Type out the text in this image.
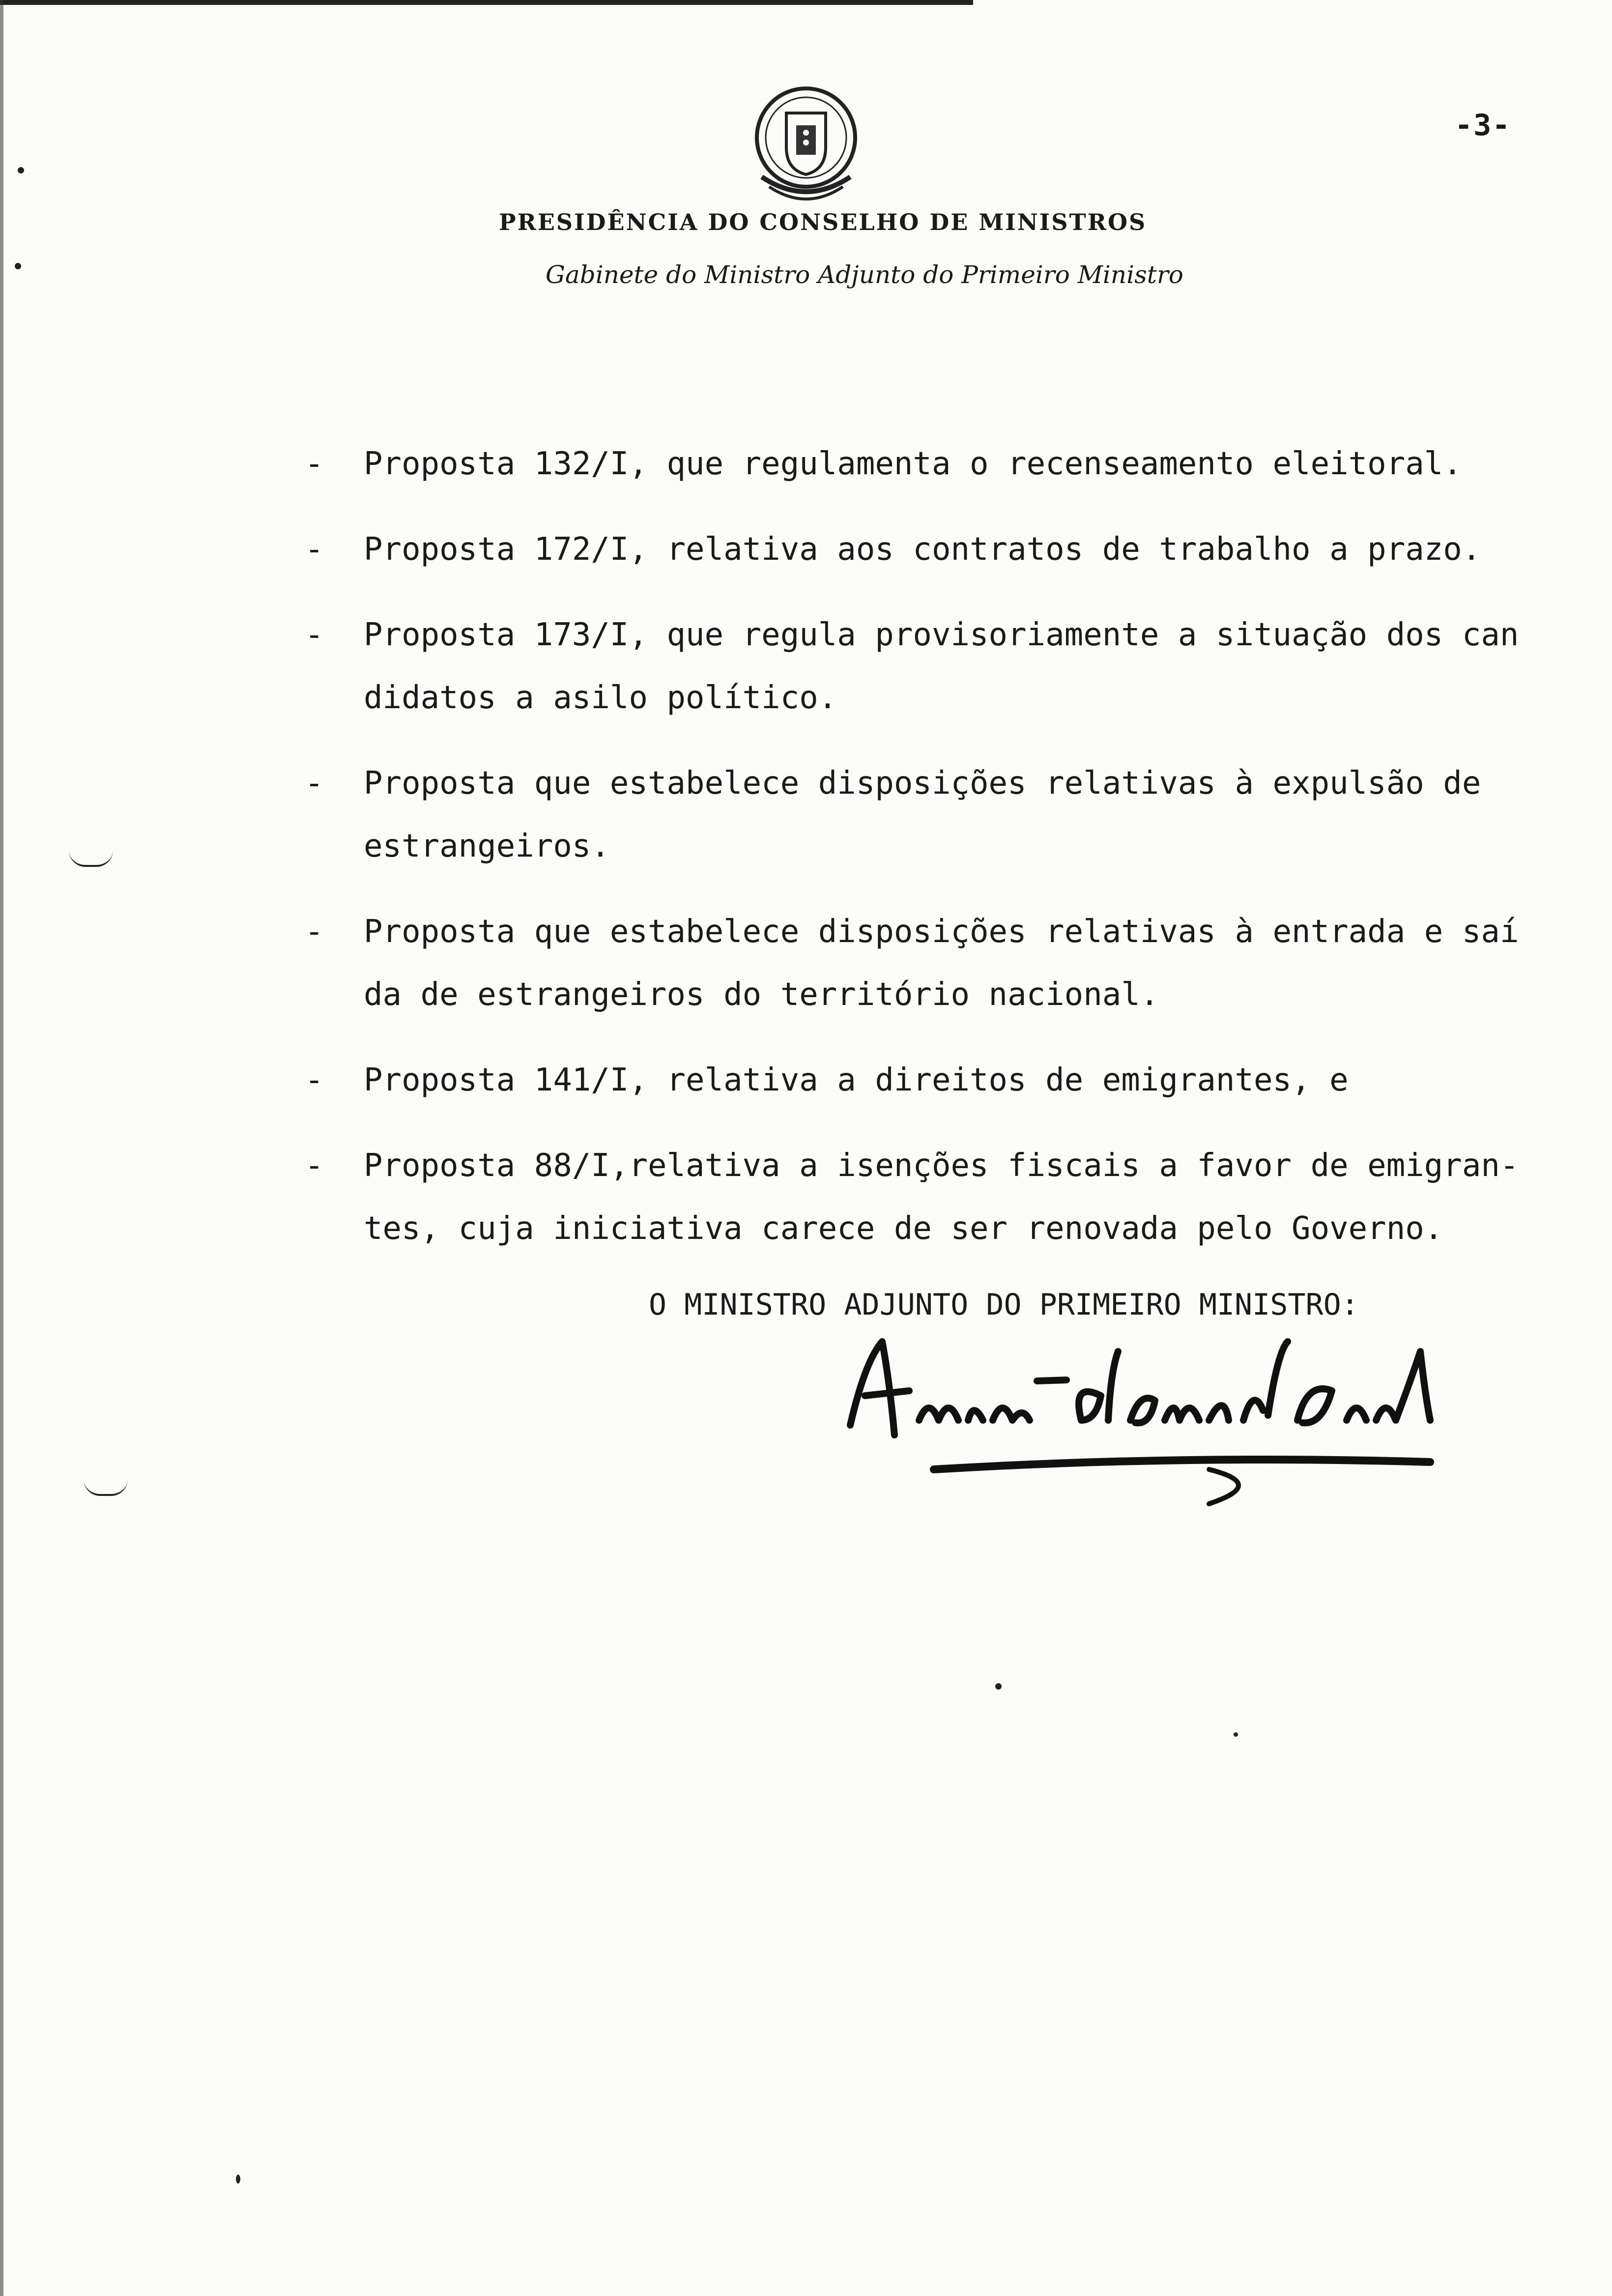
-3-
PRESIDÊNCIA DO CONSELHO DE MINISTROS
Gabinete do Ministro Adjunto do Primeiro Ministro
- Proposta 132/I, que regulamenta o recenseamento eleitoral.
- Proposta 172/I, relativa aos contratos de trabalho a prazo.
- Proposta 173/I, que regula provisoriamente a situação dos can
didatos a asilo político.
- Proposta que estabelece disposições relativas à expulsão de
estrangeiros.
- Proposta que estabelece disposições relativas à entrada e saí
da de estrangeiros do território nacional.
- Proposta 141/I, relativa a direitos de emigrantes, e
- Proposta 88/I,relativa a isenções fiscais a favor de emigran-
tes, cuja iniciativa carece de ser renovada pelo Governo.
O MINISTRO ADJUNTO DO PRIMEIRO MINISTRO:
